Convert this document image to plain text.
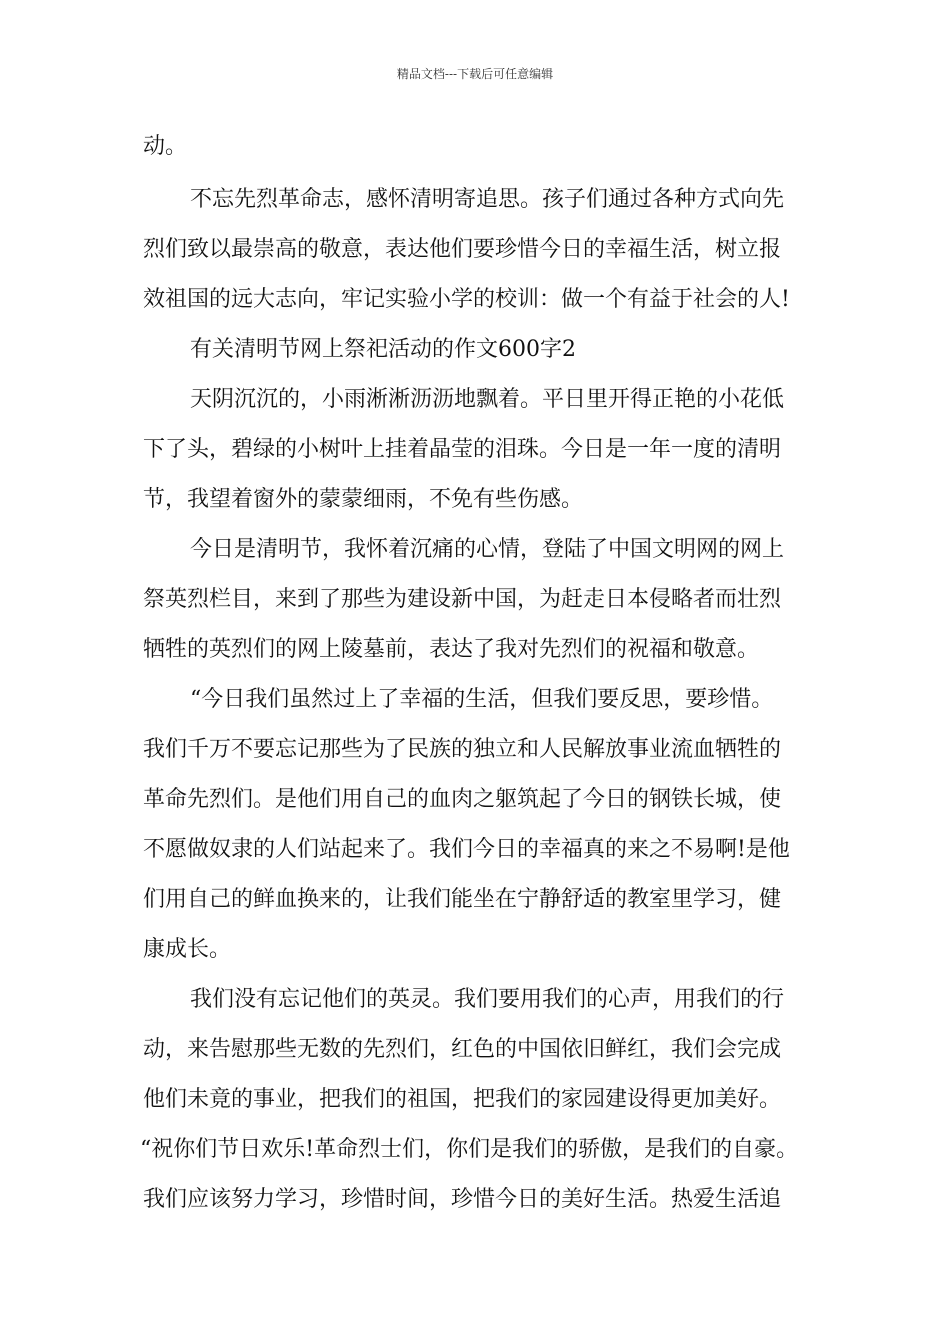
精品文档---下载后可任意编辑
动。
不忘先烈革命志，感怀清明寄追思。孩子们通过各种方式向先
烈们致以最崇高的敬意，表达他们要珍惜今日的幸福生活，树立报
效祖国的远大志向，牢记实验小学的校训：做一个有益于社会的人!
有关清明节网上祭祀活动的作文600字2
天阴沉沉的，小雨淅淅沥沥地飘着。平日里开得正艳的小花低
下了头，碧绿的小树叶上挂着晶莹的泪珠。今日是一年一度的清明
节，我望着窗外的蒙蒙细雨，不免有些伤感。
今日是清明节，我怀着沉痛的心情，登陆了中国文明网的网上
祭英烈栏目，来到了那些为建设新中国，为赶走日本侵略者而壮烈
牺牲的英烈们的网上陵墓前，表达了我对先烈们的祝福和敬意。
“今日我们虽然过上了幸福的生活，但我们要反思，要珍惜。
我们千万不要忘记那些为了民族的独立和人民解放事业流血牺牲的
革命先烈们。是他们用自己的血肉之躯筑起了今日的钢铁长城，使
不愿做奴隶的人们站起来了。我们今日的幸福真的来之不易啊!是他
们用自己的鲜血换来的，让我们能坐在宁静舒适的教室里学习，健
康成长。
我们没有忘记他们的英灵。我们要用我们的心声，用我们的行
动，来告慰那些无数的先烈们，红色的中国依旧鲜红，我们会完成
他们未竟的事业，把我们的祖国，把我们的家园建设得更加美好。
“祝你们节日欢乐!革命烈士们，你们是我们的骄傲，是我们的自豪。
我们应该努力学习，珍惜时间，珍惜今日的美好生活。热爱生活追
